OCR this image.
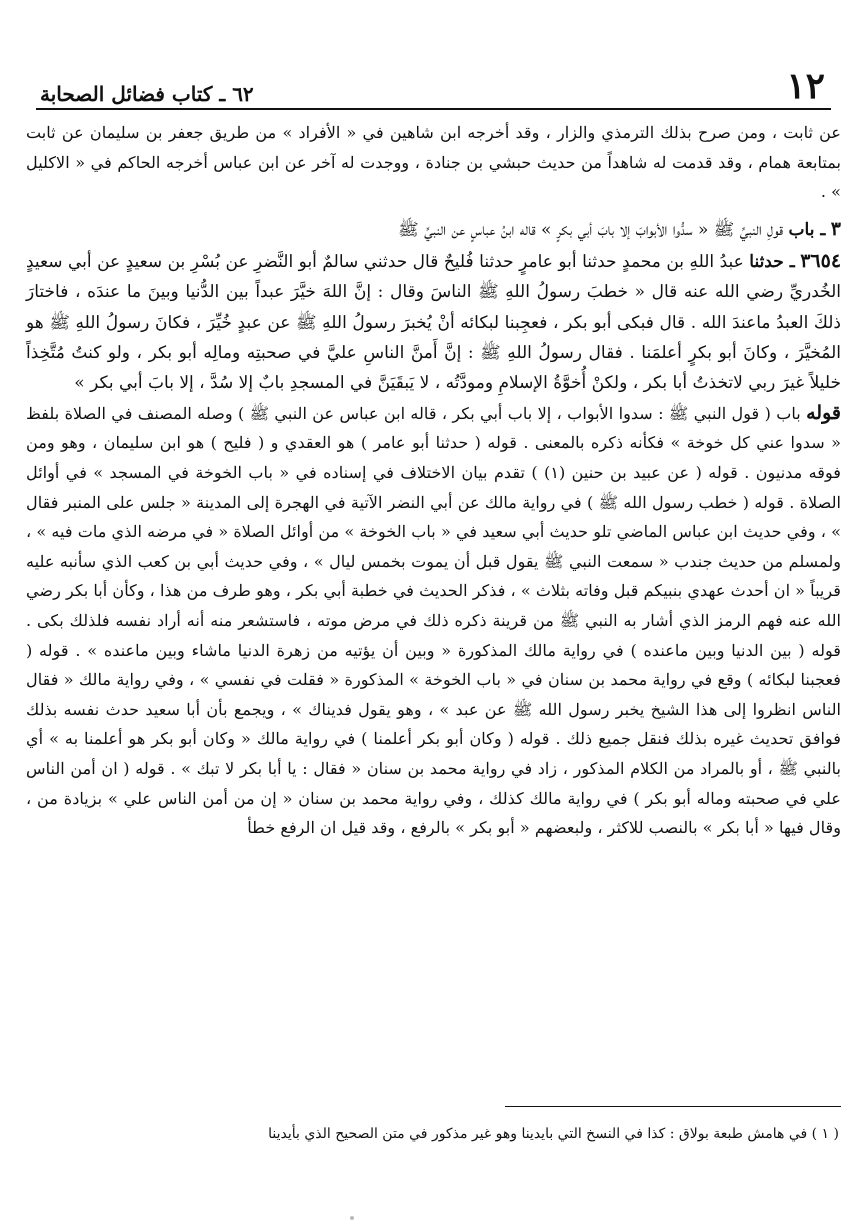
١٢
٦٢ ـ كتاب فضائل الصحابة

عن ثابت ، ومن صرح بذلك الترمذي والزار ، وقد أخرجه ابن شاهين في « الأفراد » من طريق جعفر بن سليمان عن ثابت بمتابعة همام ، وقد قدمت له شاهداً من حديث حبشي بن جنادة ، ووجدت له آخر عن ابن عباس أخرجه الحاكم في « الاكليل » .

٣ ـ باب قولِ النبيِّ ﷺ « سدُّوا الأبوابَ إلا بابَ أبي بكرٍ » قاله ابنُ عباسٍ عن النبيِّ ﷺ

٣٦٥٤ ـ حدثنا عبدُ اللهِ بن محمدٍ حدثنا أبو عامرٍ حدثنا فُليحٌ قال حدثني سالمٌ أبو النَّضرِ عن بُسْرِ بن سعيدٍ عن أبي سعيدٍ الخُدريِّ رضي الله عنه قال « خطبَ رسولُ اللهِ ﷺ الناسَ وقال : إنَّ اللهَ خيَّرَ عبداً بين الدُّنيا وبينَ ما عندَه ، فاختارَ ذلكَ العبدُ ماعندَ الله . قال فبكى أبو بكر ، فعجِبنا لبكائه أنْ يُخبرَ رسولُ اللهِ ﷺ عن عبدٍ خُيِّرَ ، فكانَ رسولُ اللهِ ﷺ هو المُخيَّرَ ، وكانَ أبو بكرٍ أعلمَنا . فقال رسولُ اللهِ ﷺ : إنَّ أَمنَّ الناسِ عليَّ في صحبتِه ومالِه أبو بكر ، ولو كنتُ مُتَّخِذاً خليلاً غيرَ ربي لاتخذتُ أبا بكر ، ولكنْ أُخوَّةُ الإسلامِ ومودَّتُه ، لا يَبقَيَنَّ في المسجدِ بابٌ إلا سُدَّ ، إلا بابَ أبي بكر »

قوله باب ( قول النبي ﷺ : سدوا الأبواب ، إلا باب أبي بكر ، قاله ابن عباس عن النبي ﷺ ) وصله المصنف في الصلاة بلفظ « سدوا عني كل خوخة » فكأنه ذكره بالمعنى . قوله ( حدثنا أبو عامر ) هو العقدي و ( فليح ) هو ابن سليمان ، وهو ومن فوقه مدنيون . قوله ( عن عبيد بن حنين (١) ) تقدم بيان الاختلاف في إسناده في « باب الخوخة في المسجد » في أوائل الصلاة . قوله ( خطب رسول الله ﷺ ) في رواية مالك عن أبي النضر الآتية في الهجرة إلى المدينة « جلس على المنبر فقال » ، وفي حديث ابن عباس الماضي تلو حديث أبي سعيد في « باب الخوخة » من أوائل الصلاة « في مرضه الذي مات فيه » ، ولمسلم من حديث جندب « سمعت النبي ﷺ يقول قبل أن يموت بخمس ليال » ، وفي حديث أبي بن كعب الذي سأنبه عليه قريباً « ان أحدث عهدي بنبيكم قبل وفاته بثلاث » ، فذكر الحديث في خطبة أبي بكر ، وهو طرف من هذا ، وكأن أبا بكر رضي الله عنه فهم الرمز الذي أشار به النبي ﷺ من قرينة ذكره ذلك في مرض موته ، فاستشعر منه أنه أراد نفسه فلذلك بكى . قوله ( بين الدنيا وبين ماعنده ) في رواية مالك المذكورة « وبين أن يؤتيه من زهرة الدنيا ماشاء وبين ماعنده » . قوله ( فعجبنا لبكائه ) وقع في رواية محمد بن سنان في « باب الخوخة » المذكورة « فقلت في نفسي » ، وفي رواية مالك « فقال الناس انظروا إلى هذا الشيخ يخبر رسول الله ﷺ عن عبد » ، وهو يقول فديناك » ، ويجمع بأن أبا سعيد حدث نفسه بذلك فوافق تحديث غيره بذلك فنقل جميع ذلك . قوله ( وكان أبو بكر أعلمنا ) في رواية مالك « وكان أبو بكر هو أعلمنا به » أي بالنبي ﷺ ، أو بالمراد من الكلام المذكور ، زاد في رواية محمد بن سنان « فقال : يا أبا بكر لا تبك » . قوله ( ان أمن الناس علي في صحبته وماله أبو بكر ) في رواية مالك كذلك ، وفي رواية محمد بن سنان « إن من أمن الناس علي » بزيادة من ، وقال فيها « أبا بكر » بالنصب للاكثر ، ولبعضهم « أبو بكر » بالرفع ، وقد قيل ان الرفع خطأ

( ١ ) في هامش طبعة بولاق : كذا في النسخ التي بايدينا وهو غير مذكور في متن الصحيح الذي بأيدينا
